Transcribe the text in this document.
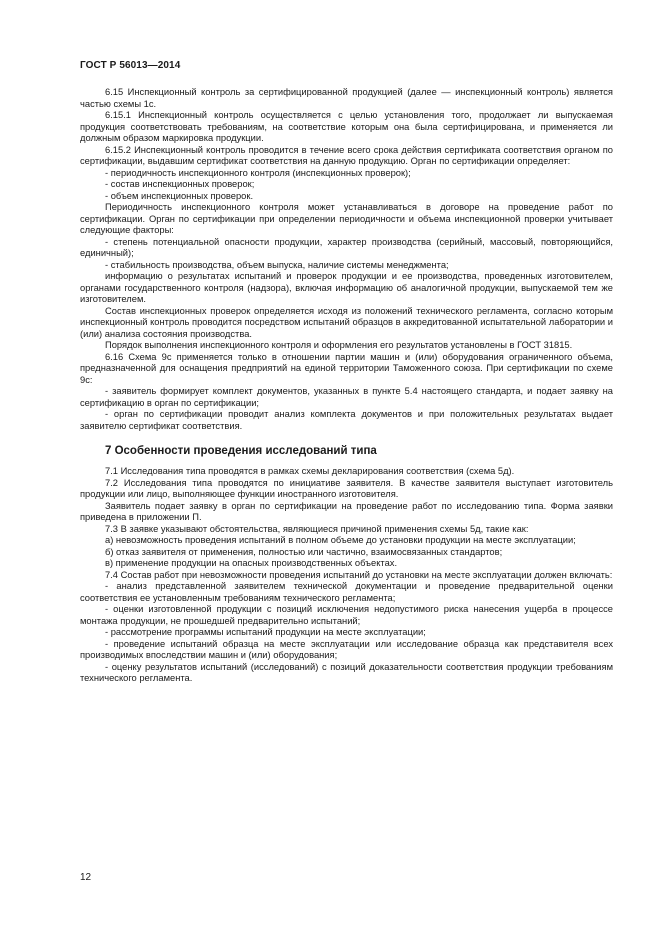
ГОСТ Р 56013—2014

6.15 Инспекционный контроль за сертифицированной продукцией (далее — инспекционный контроль) является частью схемы 1с.

6.15.1 Инспекционный контроль осуществляется с целью установления того, продолжает ли выпускаемая продукция соответствовать требованиям, на соответствие которым она была сертифицирована, и применяется ли должным образом маркировка продукции.

6.15.2 Инспекционный контроль проводится в течение всего срока действия сертификата соответствия органом по сертификации, выдавшим сертификат соответствия на данную продукцию. Орган по сертификации определяет:

- периодичность инспекционного контроля (инспекционных проверок);

- состав инспекционных проверок;

- объем инспекционных проверок.

Периодичность инспекционного контроля может устанавливаться в договоре на проведение работ по сертификации. Орган по сертификации при определении периодичности и объема инспекционной проверки учитывает следующие факторы:

- степень потенциальной опасности продукции, характер производства (серийный, массовый, повторяющийся, единичный);

- стабильность производства, объем выпуска, наличие системы менеджмента;

информацию о результатах испытаний и проверок продукции и ее производства, проведенных изготовителем, органами государственного контроля (надзора), включая информацию об аналогичной продукции, выпускаемой тем же изготовителем.

Состав инспекционных проверок определяется исходя из положений технического регламента, согласно которым инспекционный контроль проводится посредством испытаний образцов в аккредитованной испытательной лаборатории и (или) анализа состояния производства.

Порядок выполнения инспекционного контроля и оформления его результатов установлены в ГОСТ 31815.

6.16 Схема 9с применяется только в отношении партии машин и (или) оборудования ограниченного объема, предназначенной для оснащения предприятий на единой территории Таможенного союза. При сертификации по схеме 9с:

- заявитель формирует комплект документов, указанных в пункте 5.4 настоящего стандарта, и подает заявку на сертификацию в орган по сертификации;

- орган по сертификации проводит анализ комплекта документов и при положительных результатах выдает заявителю сертификат соответствия.

7 Особенности проведения исследований типа

7.1 Исследования типа проводятся в рамках схемы декларирования соответствия (схема 5д).

7.2 Исследования типа проводятся по инициативе заявителя. В качестве заявителя выступает изготовитель продукции или лицо, выполняющее функции иностранного изготовителя.

Заявитель подает заявку в орган по сертификации на проведение работ по исследованию типа. Форма заявки приведена в приложении П.

7.3 В заявке указывают обстоятельства, являющиеся причиной применения схемы 5д, такие как:

а) невозможность проведения испытаний в полном объеме до установки продукции на месте эксплуатации;

б) отказ заявителя от применения, полностью или частично, взаимосвязанных стандартов;

в) применение продукции на опасных производственных объектах.

7.4 Состав работ при невозможности проведения испытаний до установки на месте эксплуатации должен включать:

- анализ представленной заявителем технической документации и проведение предварительной оценки соответствия ее установленным требованиям технического регламента;

- оценки изготовленной продукции с позиций исключения недопустимого риска нанесения ущерба в процессе монтажа продукции, не прошедшей предварительно испытаний;

- рассмотрение программы испытаний продукции на месте эксплуатации;

- проведение испытаний образца на месте эксплуатации или исследование образца как представителя всех производимых впоследствии машин и (или) оборудования;

- оценку результатов испытаний (исследований) с позиций доказательности соответствия продукции требованиям технического регламента.

12
